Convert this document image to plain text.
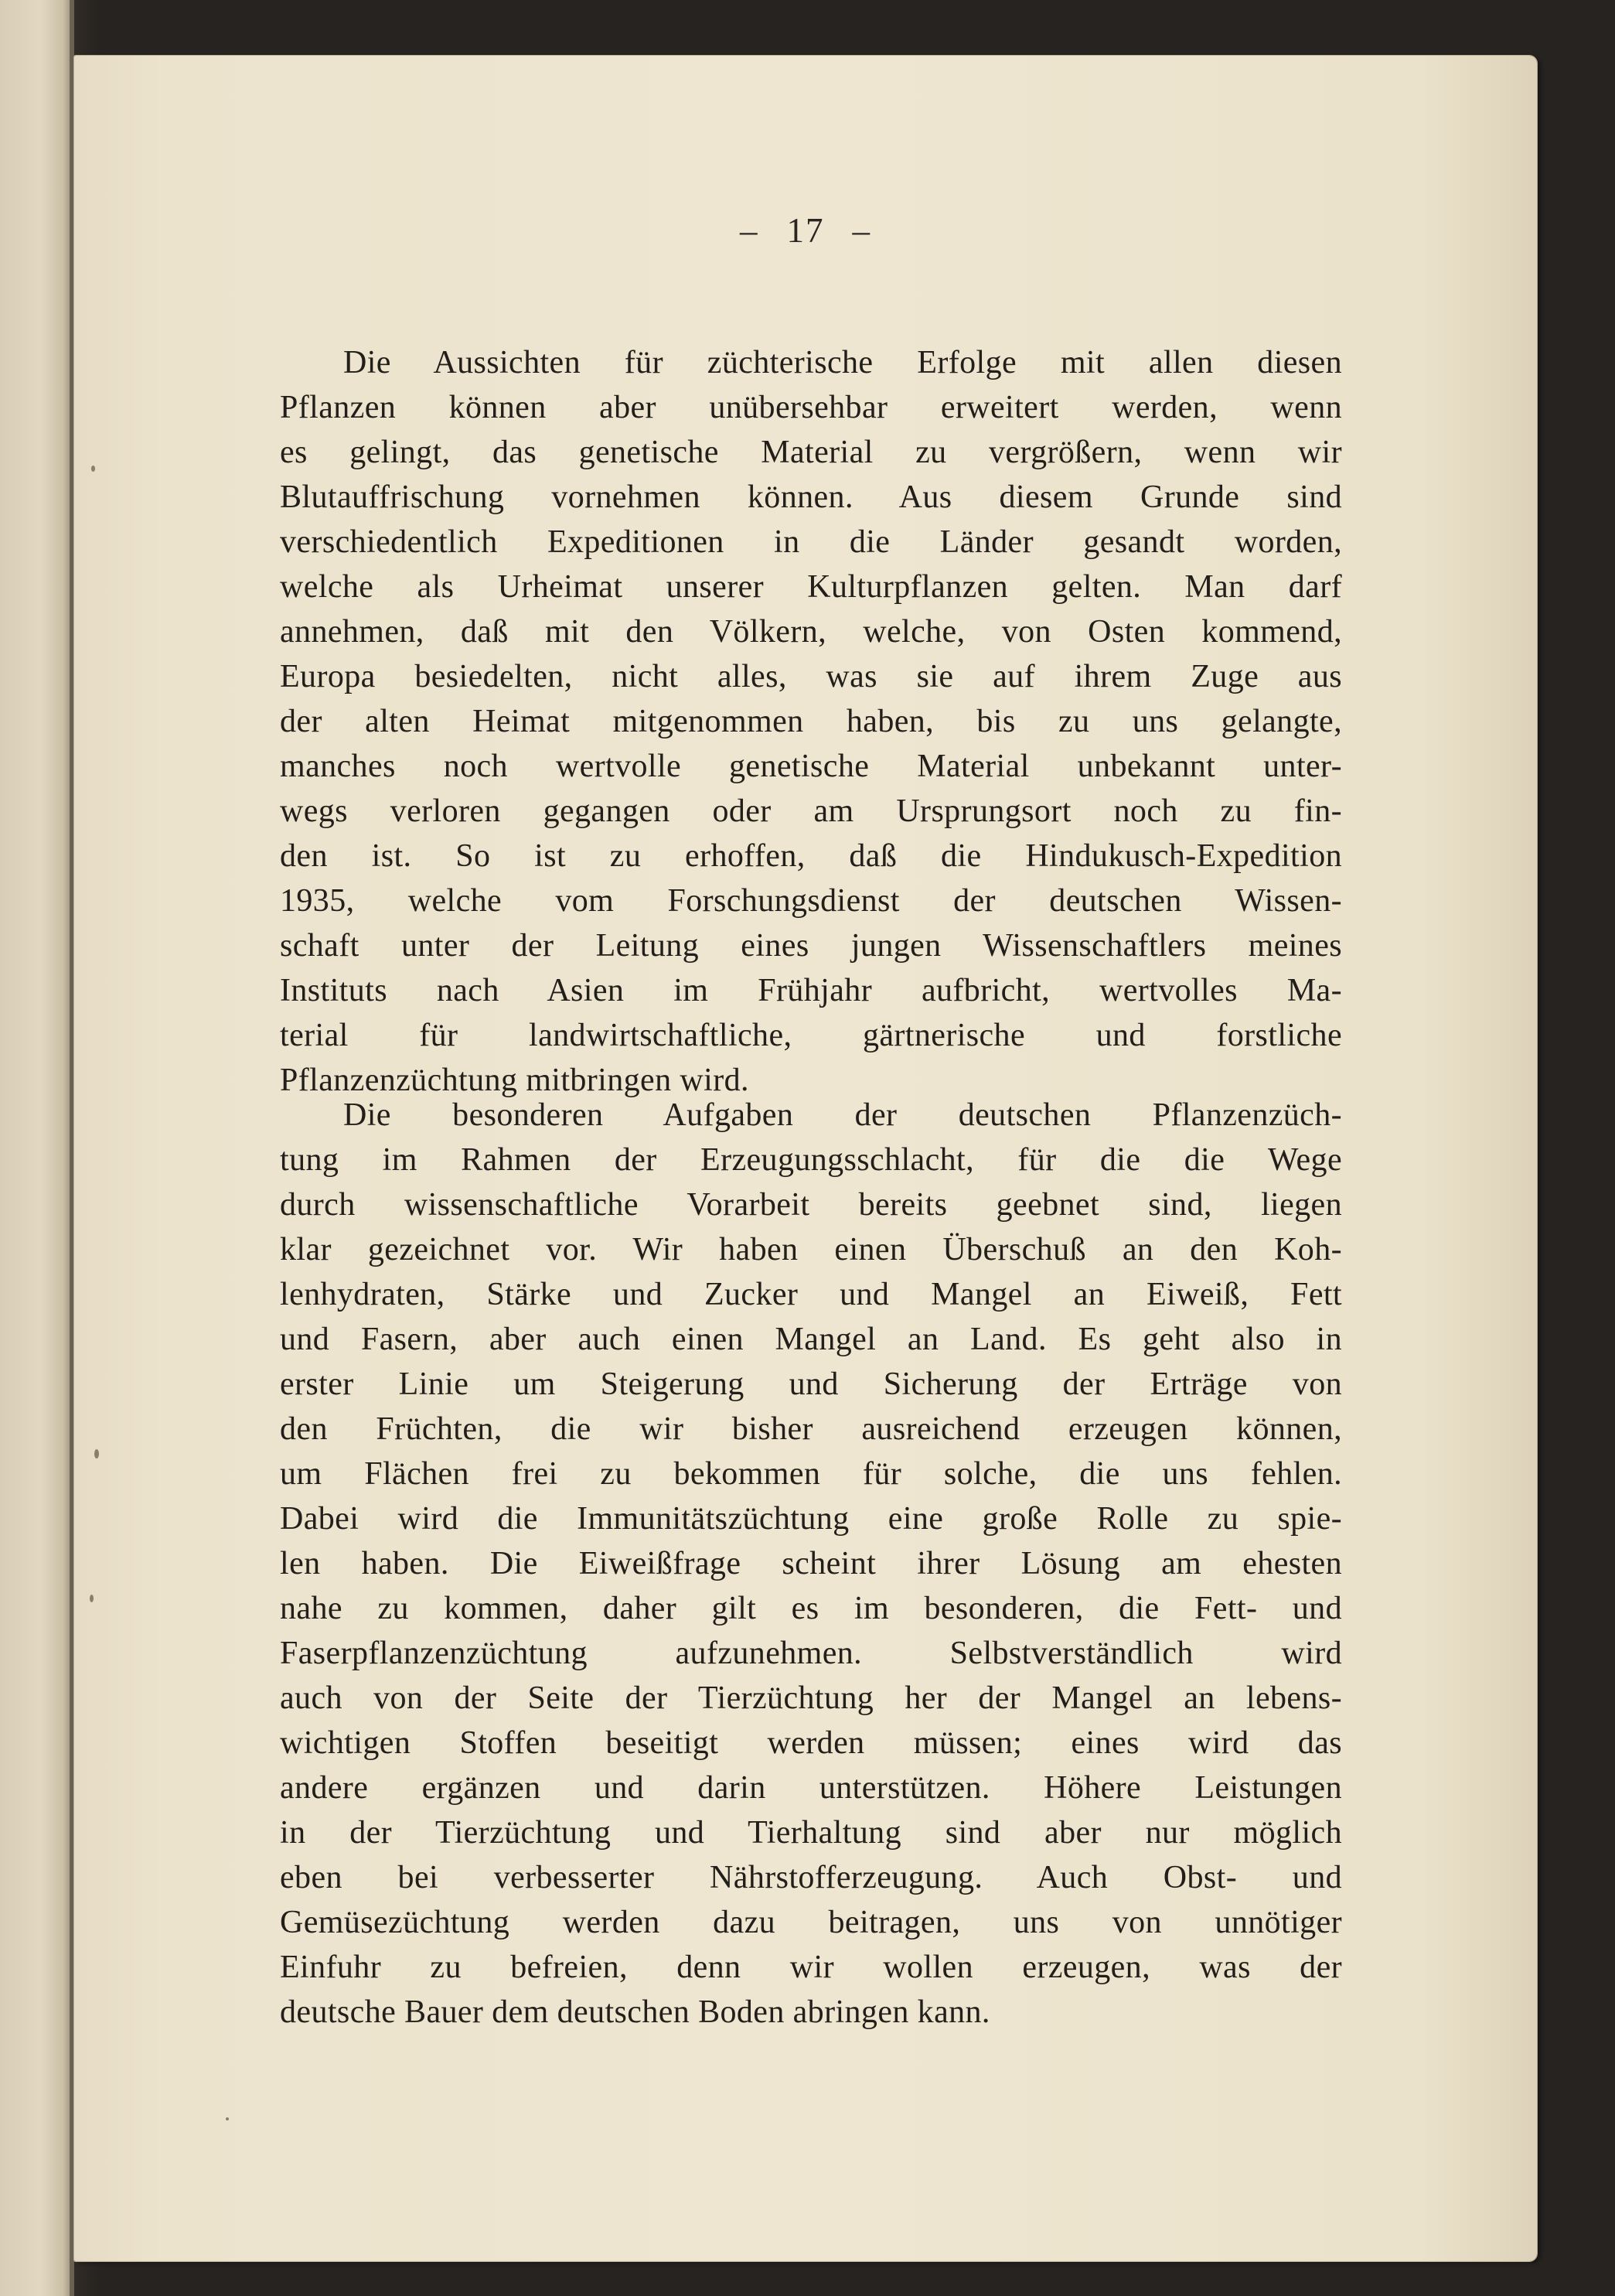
– 17 –
Die Aussichten für züchterische Erfolge mit allen diesen
Pflanzen können aber unübersehbar erweitert werden, wenn
es gelingt, das genetische Material zu vergrößern, wenn wir
Blutauffrischung vornehmen können. Aus diesem Grunde sind
verschiedentlich Expeditionen in die Länder gesandt worden,
welche als Urheimat unserer Kulturpflanzen gelten. Man darf
annehmen, daß mit den Völkern, welche, von Osten kommend,
Europa besiedelten, nicht alles, was sie auf ihrem Zuge aus
der alten Heimat mitgenommen haben, bis zu uns gelangte,
manches noch wertvolle genetische Material unbekannt unter-
wegs verloren gegangen oder am Ursprungsort noch zu fin-
den ist. So ist zu erhoffen, daß die Hindukusch-Expedition
1935, welche vom Forschungsdienst der deutschen Wissen-
schaft unter der Leitung eines jungen Wissenschaftlers meines
Instituts nach Asien im Frühjahr aufbricht, wertvolles Ma-
terial für landwirtschaftliche, gärtnerische und forstliche
Pflanzenzüchtung mitbringen wird.
Die besonderen Aufgaben der deutschen Pflanzenzüch-
tung im Rahmen der Erzeugungsschlacht, für die die Wege
durch wissenschaftliche Vorarbeit bereits geebnet sind, liegen
klar gezeichnet vor. Wir haben einen Überschuß an den Koh-
lenhydraten, Stärke und Zucker und Mangel an Eiweiß, Fett
und Fasern, aber auch einen Mangel an Land. Es geht also in
erster Linie um Steigerung und Sicherung der Erträge von
den Früchten, die wir bisher ausreichend erzeugen können,
um Flächen frei zu bekommen für solche, die uns fehlen.
Dabei wird die Immunitätszüchtung eine große Rolle zu spie-
len haben. Die Eiweißfrage scheint ihrer Lösung am ehesten
nahe zu kommen, daher gilt es im besonderen, die Fett- und
Faserpflanzenzüchtung aufzunehmen. Selbstverständlich wird
auch von der Seite der Tierzüchtung her der Mangel an lebens-
wichtigen Stoffen beseitigt werden müssen; eines wird das
andere ergänzen und darin unterstützen. Höhere Leistungen
in der Tierzüchtung und Tierhaltung sind aber nur möglich
eben bei verbesserter Nährstofferzeugung. Auch Obst- und
Gemüsezüchtung werden dazu beitragen, uns von unnötiger
Einfuhr zu befreien, denn wir wollen erzeugen, was der
deutsche Bauer dem deutschen Boden abringen kann.
